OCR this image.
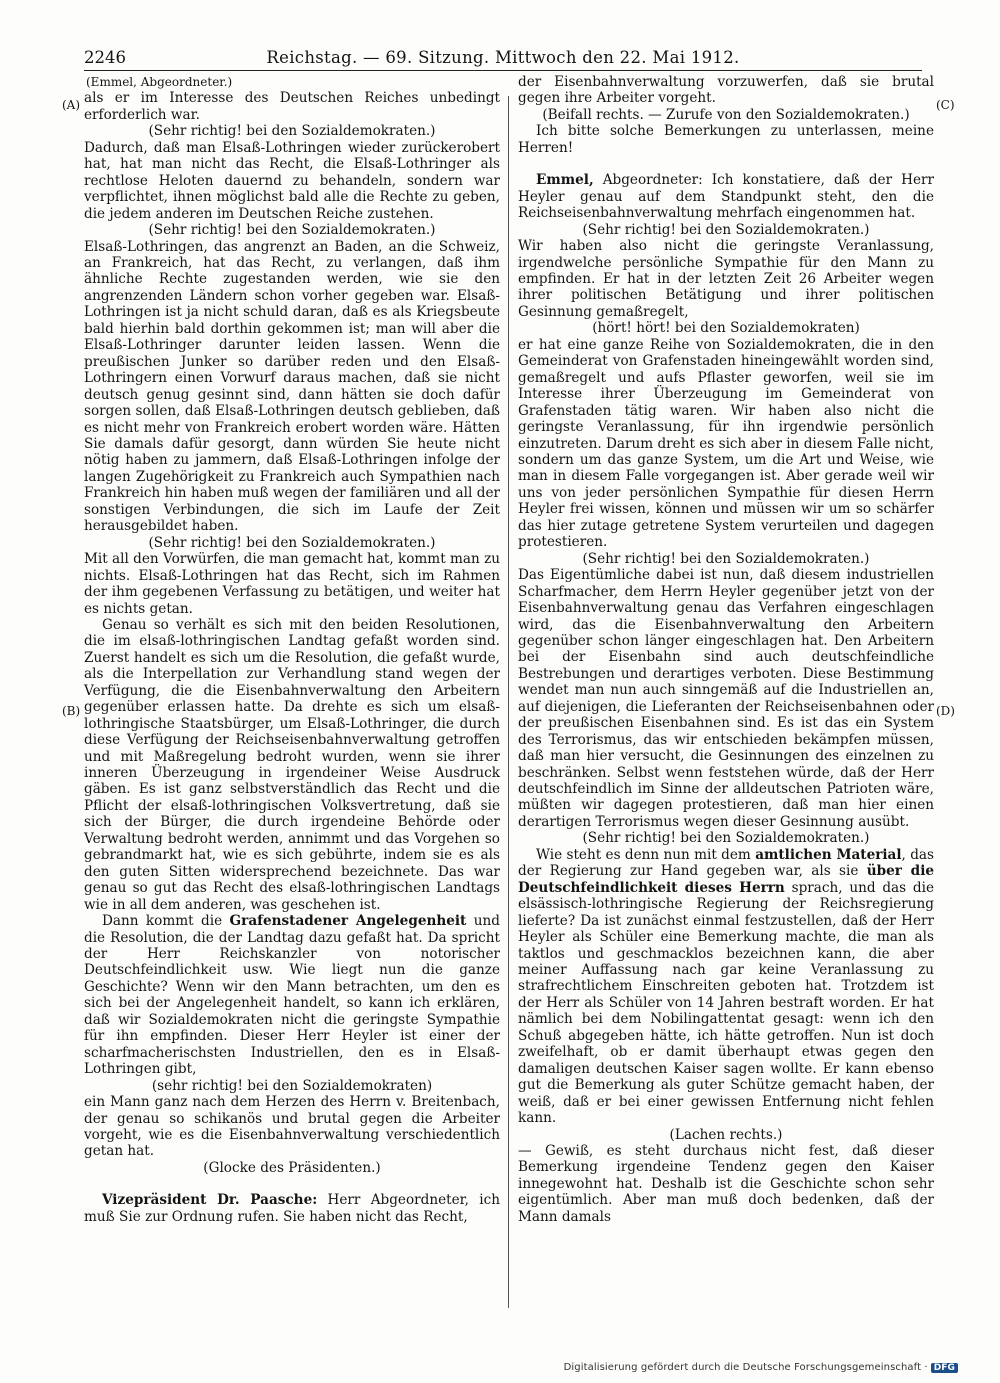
2246	Reichstag. — 69. Sitzung. Mittwoch den 22. Mai 1912.
(A)
(B)
(C)
(D)

(Emmel, Abgeordneter.)

als er im Interesse des Deutschen Reiches unbedingt erforderlich war.

(Sehr richtig! bei den Sozialdemokraten.)

Dadurch, daß man Elsaß-Lothringen wieder zurückerobert hat, hat man nicht das Recht, die Elsaß-Lothringer als rechtlose Heloten dauernd zu behandeln, sondern war verpflichtet, ihnen möglichst bald alle die Rechte zu geben, die jedem anderen im Deutschen Reiche zustehen.

(Sehr richtig! bei den Sozialdemokraten.)

Elsaß-Lothringen, das angrenzt an Baden, an die Schweiz, an Frankreich, hat das Recht, zu verlangen, daß ihm ähnliche Rechte zugestanden werden, wie sie den angrenzenden Ländern schon vorher gegeben war. Elsaß-Lothringen ist ja nicht schuld daran, daß es als Kriegsbeute bald hierhin bald dorthin gekommen ist; man will aber die Elsaß-Lothringer darunter leiden lassen. Wenn die preußischen Junker so darüber reden und den Elsaß-Lothringern einen Vorwurf daraus machen, daß sie nicht deutsch genug gesinnt sind, dann hätten sie doch dafür sorgen sollen, daß Elsaß-Lothringen deutsch geblieben, daß es nicht mehr von Frankreich erobert worden wäre. Hätten Sie damals dafür gesorgt, dann würden Sie heute nicht nötig haben zu jammern, daß Elsaß-Lothringen infolge der langen Zugehörigkeit zu Frankreich auch Sympathien nach Frankreich hin haben muß wegen der familiären und all der sonstigen Verbindungen, die sich im Laufe der Zeit herausgebildet haben.

(Sehr richtig! bei den Sozialdemokraten.)

Mit all den Vorwürfen, die man gemacht hat, kommt man zu nichts. Elsaß-Lothringen hat das Recht, sich im Rahmen der ihm gegebenen Verfassung zu betätigen, und weiter hat es nichts getan.

Genau so verhält es sich mit den beiden Resolutionen, die im elsaß-lothringischen Landtag gefaßt worden sind. Zuerst handelt es sich um die Resolution, die gefaßt wurde, als die Interpellation zur Verhandlung stand wegen der Verfügung, die die Eisenbahnverwaltung den Arbeitern gegenüber erlassen hatte. Da drehte es sich um elsaß-lothringische Staatsbürger, um Elsaß-Lothringer, die durch diese Verfügung der Reichseisenbahnverwaltung getroffen und mit Maßregelung bedroht wurden, wenn sie ihrer inneren Überzeugung in irgendeiner Weise Ausdruck gäben. Es ist ganz selbstverständlich das Recht und die Pflicht der elsaß-lothringischen Volksvertretung, daß sie sich der Bürger, die durch irgendeine Behörde oder Verwaltung bedroht werden, annimmt und das Vorgehen so gebrandmarkt hat, wie es sich gebührte, indem sie es als den guten Sitten widersprechend bezeichnete. Das war genau so gut das Recht des elsaß-lothringischen Landtags wie in all dem anderen, was geschehen ist.

Dann kommt die Grafenstadener Angelegenheit und die Resolution, die der Landtag dazu gefaßt hat. Da spricht der Herr Reichskanzler von notorischer Deutschfeindlichkeit usw. Wie liegt nun die ganze Geschichte? Wenn wir den Mann betrachten, um den es sich bei der Angelegenheit handelt, so kann ich erklären, daß wir Sozialdemokraten nicht die geringste Sympathie für ihn empfinden. Dieser Herr Heyler ist einer der scharfmacherischsten Industriellen, den es in Elsaß-Lothringen gibt,

(sehr richtig! bei den Sozialdemokraten)

ein Mann ganz nach dem Herzen des Herrn v. Breitenbach, der genau so schikanös und brutal gegen die Arbeiter vorgeht, wie es die Eisenbahnverwaltung verschiedentlich getan hat.

(Glocke des Präsidenten.)

Vizepräsident Dr. Paasche: Herr Abgeordneter, ich muß Sie zur Ordnung rufen. Sie haben nicht das Recht,

der Eisenbahnverwaltung vorzuwerfen, daß sie brutal gegen ihre Arbeiter vorgeht.

(Beifall rechts. — Zurufe von den Sozialdemokraten.)

Ich bitte solche Bemerkungen zu unterlassen, meine Herren!

Emmel, Abgeordneter: Ich konstatiere, daß der Herr Heyler genau auf dem Standpunkt steht, den die Reichseisenbahnverwaltung mehrfach eingenommen hat.

(Sehr richtig! bei den Sozialdemokraten.)

Wir haben also nicht die geringste Veranlassung, irgendwelche persönliche Sympathie für den Mann zu empfinden. Er hat in der letzten Zeit 26 Arbeiter wegen ihrer politischen Betätigung und ihrer politischen Gesinnung gemaßregelt,

(hört! hört! bei den Sozialdemokraten)

er hat eine ganze Reihe von Sozialdemokraten, die in den Gemeinderat von Grafenstaden hineingewählt worden sind, gemaßregelt und aufs Pflaster geworfen, weil sie im Interesse ihrer Überzeugung im Gemeinderat von Grafenstaden tätig waren. Wir haben also nicht die geringste Veranlassung, für ihn irgendwie persönlich einzutreten. Darum dreht es sich aber in diesem Falle nicht, sondern um das ganze System, um die Art und Weise, wie man in diesem Falle vorgegangen ist. Aber gerade weil wir uns von jeder persönlichen Sympathie für diesen Herrn Heyler frei wissen, können und müssen wir um so schärfer das hier zutage getretene System verurteilen und dagegen protestieren.

(Sehr richtig! bei den Sozialdemokraten.)

Das Eigentümliche dabei ist nun, daß diesem industriellen Scharfmacher, dem Herrn Heyler gegenüber jetzt von der Eisenbahnverwaltung genau das Verfahren eingeschlagen wird, das die Eisenbahnverwaltung den Arbeitern gegenüber schon länger eingeschlagen hat. Den Arbeitern bei der Eisenbahn sind auch deutschfeindliche Bestrebungen und derartiges verboten. Diese Bestimmung wendet man nun auch sinngemäß auf die Industriellen an, auf diejenigen, die Lieferanten der Reichseisenbahnen oder der preußischen Eisenbahnen sind. Es ist das ein System des Terrorismus, das wir entschieden bekämpfen müssen, daß man hier versucht, die Gesinnungen des einzelnen zu beschränken. Selbst wenn feststehen würde, daß der Herr deutschfeindlich im Sinne der alldeutschen Patrioten wäre, müßten wir dagegen protestieren, daß man hier einen derartigen Terrorismus wegen dieser Gesinnung ausübt.

(Sehr richtig! bei den Sozialdemokraten.)

Wie steht es denn nun mit dem amtlichen Material, das der Regierung zur Hand gegeben war, als sie über die Deutschfeindlichkeit dieses Herrn sprach, und das die elsässisch-lothringische Regierung der Reichsregierung lieferte? Da ist zunächst einmal festzustellen, daß der Herr Heyler als Schüler eine Bemerkung machte, die man als taktlos und geschmacklos bezeichnen kann, die aber meiner Auffassung nach gar keine Veranlassung zu strafrechtlichem Einschreiten geboten hat. Trotzdem ist der Herr als Schüler von 14 Jahren bestraft worden. Er hat nämlich bei dem Nobilingattentat gesagt: wenn ich den Schuß abgegeben hätte, ich hätte getroffen. Nun ist doch zweifelhaft, ob er damit überhaupt etwas gegen den damaligen deutschen Kaiser sagen wollte. Er kann ebenso gut die Bemerkung als guter Schütze gemacht haben, der weiß, daß er bei einer gewissen Entfernung nicht fehlen kann.

(Lachen rechts.)

— Gewiß, es steht durchaus nicht fest, daß dieser Bemerkung irgendeine Tendenz gegen den Kaiser innegewohnt hat. Deshalb ist die Geschichte schon sehr eigentümlich. Aber man muß doch bedenken, daß der Mann damals

Digitalisierung gefördert durch die Deutsche Forschungsgemeinschaft · DFG
